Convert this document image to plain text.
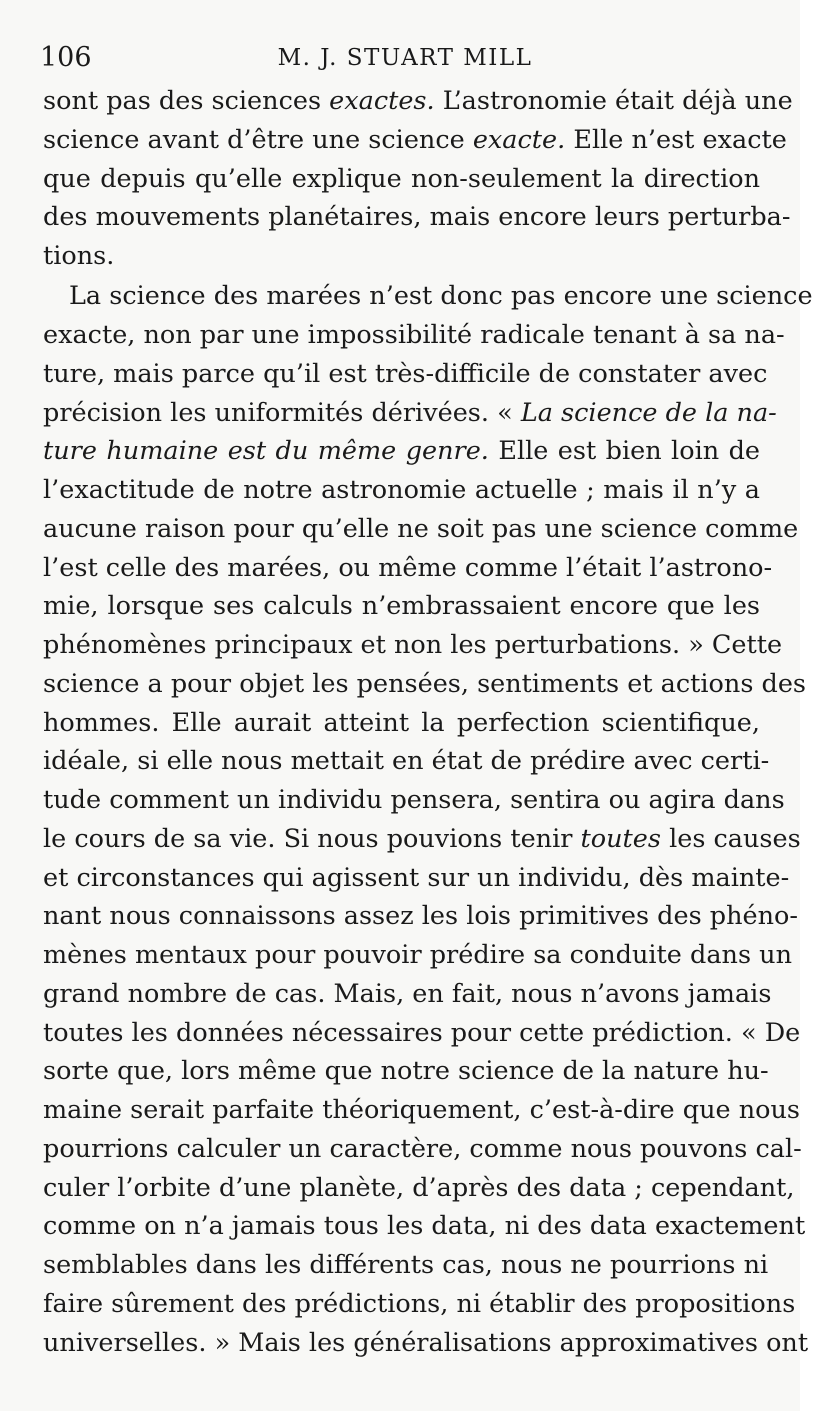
106	M. J. STUART MILL
sont pas des sciences exactes. L’astronomie était déjà une
science avant d’être une science exacte. Elle n’est exacte
que depuis qu’elle explique non-seulement la direction
des mouvements planétaires, mais encore leurs perturba-
tions.
La science des marées n’est donc pas encore une science
exacte, non par une impossibilité radicale tenant à sa na-
ture, mais parce qu’il est très-difficile de constater avec
précision les uniformités dérivées. « La science de la na-
ture humaine est du même genre. Elle est bien loin de
l’exactitude de notre astronomie actuelle ; mais il n’y a
aucune raison pour qu’elle ne soit pas une science comme
l’est celle des marées, ou même comme l’était l’astrono-
mie, lorsque ses calculs n’embrassaient encore que les
phénomènes principaux et non les perturbations. » Cette
science a pour objet les pensées, sentiments et actions des
hommes. Elle aurait atteint la perfection scientifique,
idéale, si elle nous mettait en état de prédire avec certi-
tude comment un individu pensera, sentira ou agira dans
le cours de sa vie. Si nous pouvions tenir toutes les causes
et circonstances qui agissent sur un individu, dès mainte-
nant nous connaissons assez les lois primitives des phéno-
mènes mentaux pour pouvoir prédire sa conduite dans un
grand nombre de cas. Mais, en fait, nous n’avons jamais
toutes les données nécessaires pour cette prédiction. « De
sorte que, lors même que notre science de la nature hu-
maine serait parfaite théoriquement, c’est-à-dire que nous
pourrions calculer un caractère, comme nous pouvons cal-
culer l’orbite d’une planète, d’après des data ; cependant,
comme on n’a jamais tous les data, ni des data exactement
semblables dans les différents cas, nous ne pourrions ni
faire sûrement des prédictions, ni établir des propositions
universelles. » Mais les généralisations approximatives ont
